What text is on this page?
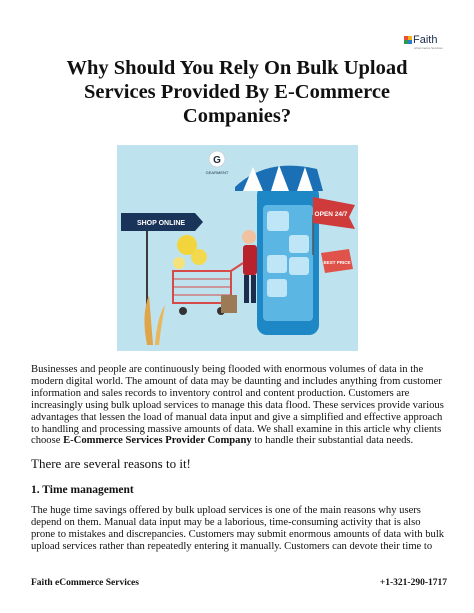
Faith
eCommerce Services
Why Should You Rely On Bulk Upload Services Provided By E-Commerce Companies?
G
GEARMENT
SHOP ONLINE
OPEN 24/7
BEST PRICE

Businesses and people are continuously being flooded with enormous volumes of data in the modern digital world. The amount of data may be daunting and includes anything from customer information and sales records to inventory control and content production. Customers are increasingly using bulk upload services to manage this data flood. These services provide various advantages that lessen the load of manual data input and give a simplified and effective approach to handling and processing massive amounts of data. We shall examine in this article why clients choose E-Commerce Services Provider Company to handle their substantial data needs.

There are several reasons to it!

1. Time management

The huge time savings offered by bulk upload services is one of the main reasons why users depend on them. Manual data input may be a laborious, time-consuming activity that is also prone to mistakes and discrepancies. Customers may submit enormous amounts of data with bulk upload services rather than repeatedly entering it manually. Customers can devote their time to

Faith eCommerce Services	+1-321-290-1717
